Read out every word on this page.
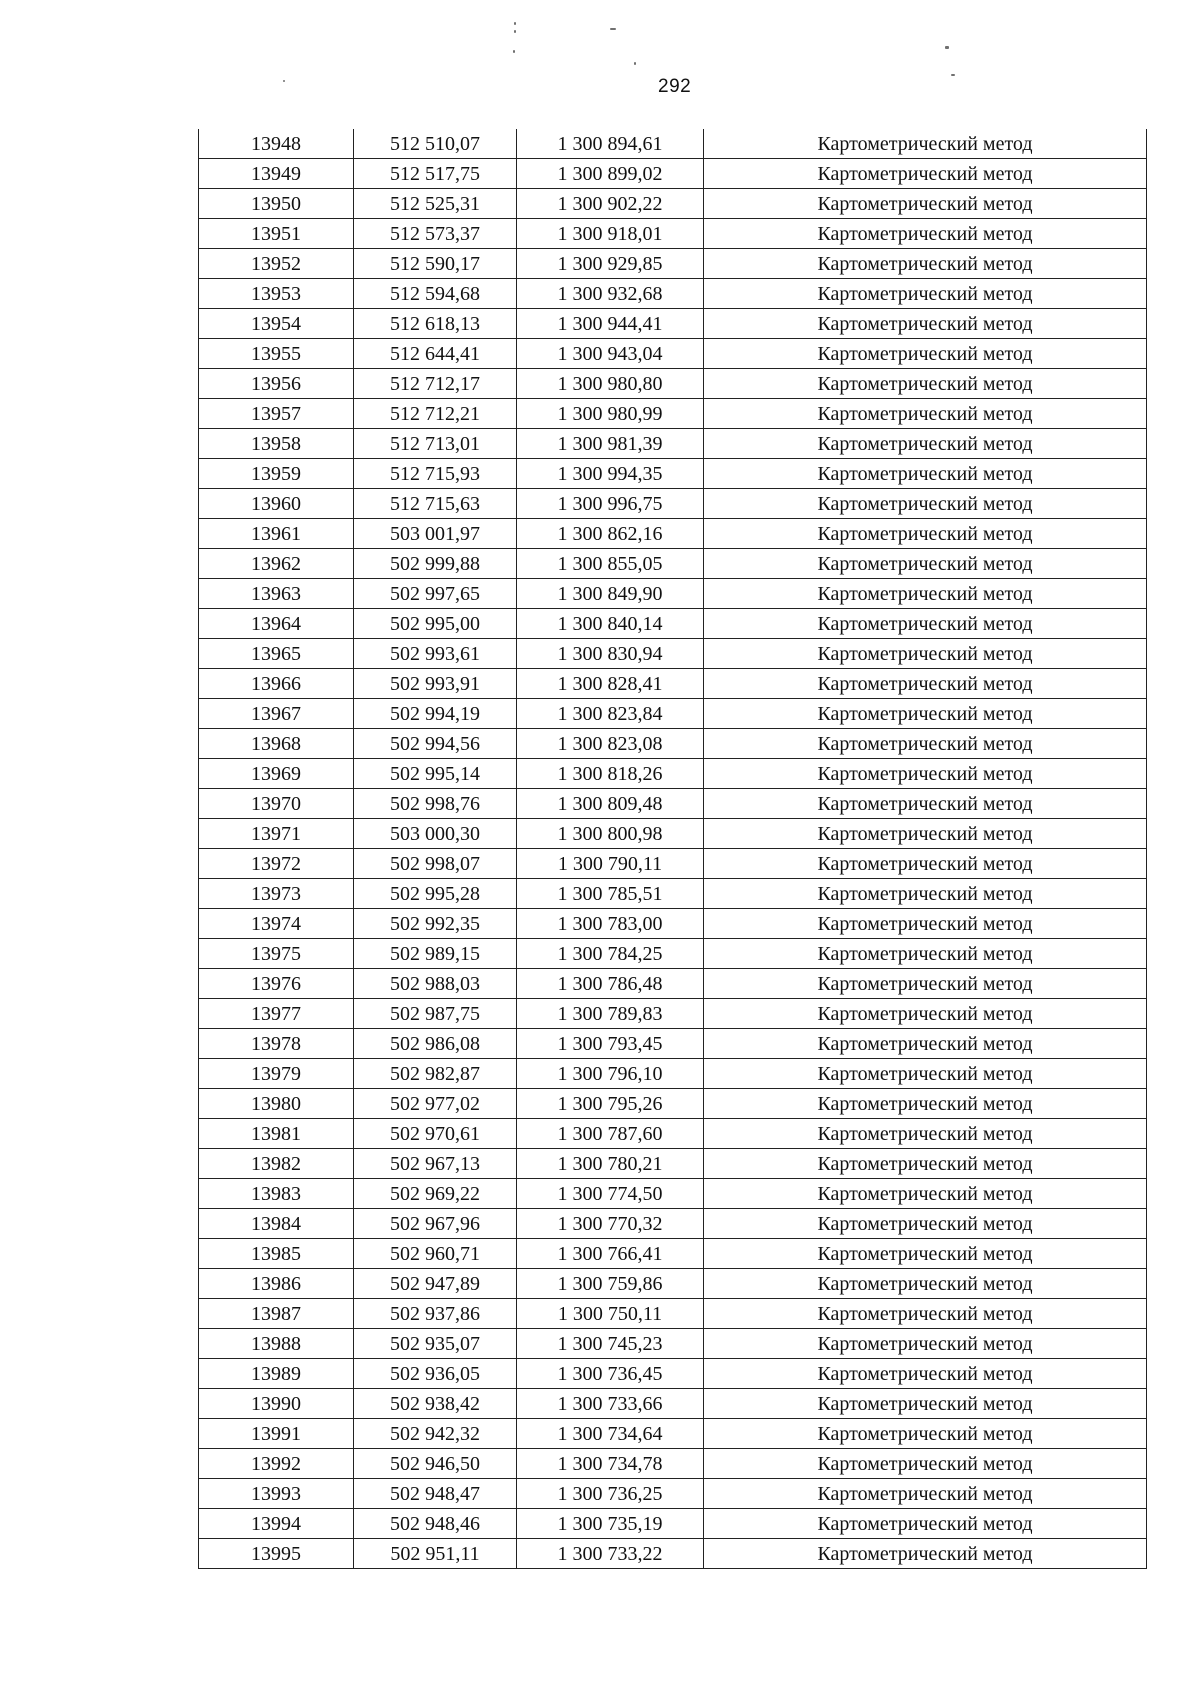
292
13948	512 510,07	1 300 894,61	Картометрический метод
13949	512 517,75	1 300 899,02	Картометрический метод
13950	512 525,31	1 300 902,22	Картометрический метод
13951	512 573,37	1 300 918,01	Картометрический метод
13952	512 590,17	1 300 929,85	Картометрический метод
13953	512 594,68	1 300 932,68	Картометрический метод
13954	512 618,13	1 300 944,41	Картометрический метод
13955	512 644,41	1 300 943,04	Картометрический метод
13956	512 712,17	1 300 980,80	Картометрический метод
13957	512 712,21	1 300 980,99	Картометрический метод
13958	512 713,01	1 300 981,39	Картометрический метод
13959	512 715,93	1 300 994,35	Картометрический метод
13960	512 715,63	1 300 996,75	Картометрический метод
13961	503 001,97	1 300 862,16	Картометрический метод
13962	502 999,88	1 300 855,05	Картометрический метод
13963	502 997,65	1 300 849,90	Картометрический метод
13964	502 995,00	1 300 840,14	Картометрический метод
13965	502 993,61	1 300 830,94	Картометрический метод
13966	502 993,91	1 300 828,41	Картометрический метод
13967	502 994,19	1 300 823,84	Картометрический метод
13968	502 994,56	1 300 823,08	Картометрический метод
13969	502 995,14	1 300 818,26	Картометрический метод
13970	502 998,76	1 300 809,48	Картометрический метод
13971	503 000,30	1 300 800,98	Картометрический метод
13972	502 998,07	1 300 790,11	Картометрический метод
13973	502 995,28	1 300 785,51	Картометрический метод
13974	502 992,35	1 300 783,00	Картометрический метод
13975	502 989,15	1 300 784,25	Картометрический метод
13976	502 988,03	1 300 786,48	Картометрический метод
13977	502 987,75	1 300 789,83	Картометрический метод
13978	502 986,08	1 300 793,45	Картометрический метод
13979	502 982,87	1 300 796,10	Картометрический метод
13980	502 977,02	1 300 795,26	Картометрический метод
13981	502 970,61	1 300 787,60	Картометрический метод
13982	502 967,13	1 300 780,21	Картометрический метод
13983	502 969,22	1 300 774,50	Картометрический метод
13984	502 967,96	1 300 770,32	Картометрический метод
13985	502 960,71	1 300 766,41	Картометрический метод
13986	502 947,89	1 300 759,86	Картометрический метод
13987	502 937,86	1 300 750,11	Картометрический метод
13988	502 935,07	1 300 745,23	Картометрический метод
13989	502 936,05	1 300 736,45	Картометрический метод
13990	502 938,42	1 300 733,66	Картометрический метод
13991	502 942,32	1 300 734,64	Картометрический метод
13992	502 946,50	1 300 734,78	Картометрический метод
13993	502 948,47	1 300 736,25	Картометрический метод
13994	502 948,46	1 300 735,19	Картометрический метод
13995	502 951,11	1 300 733,22	Картометрический метод
